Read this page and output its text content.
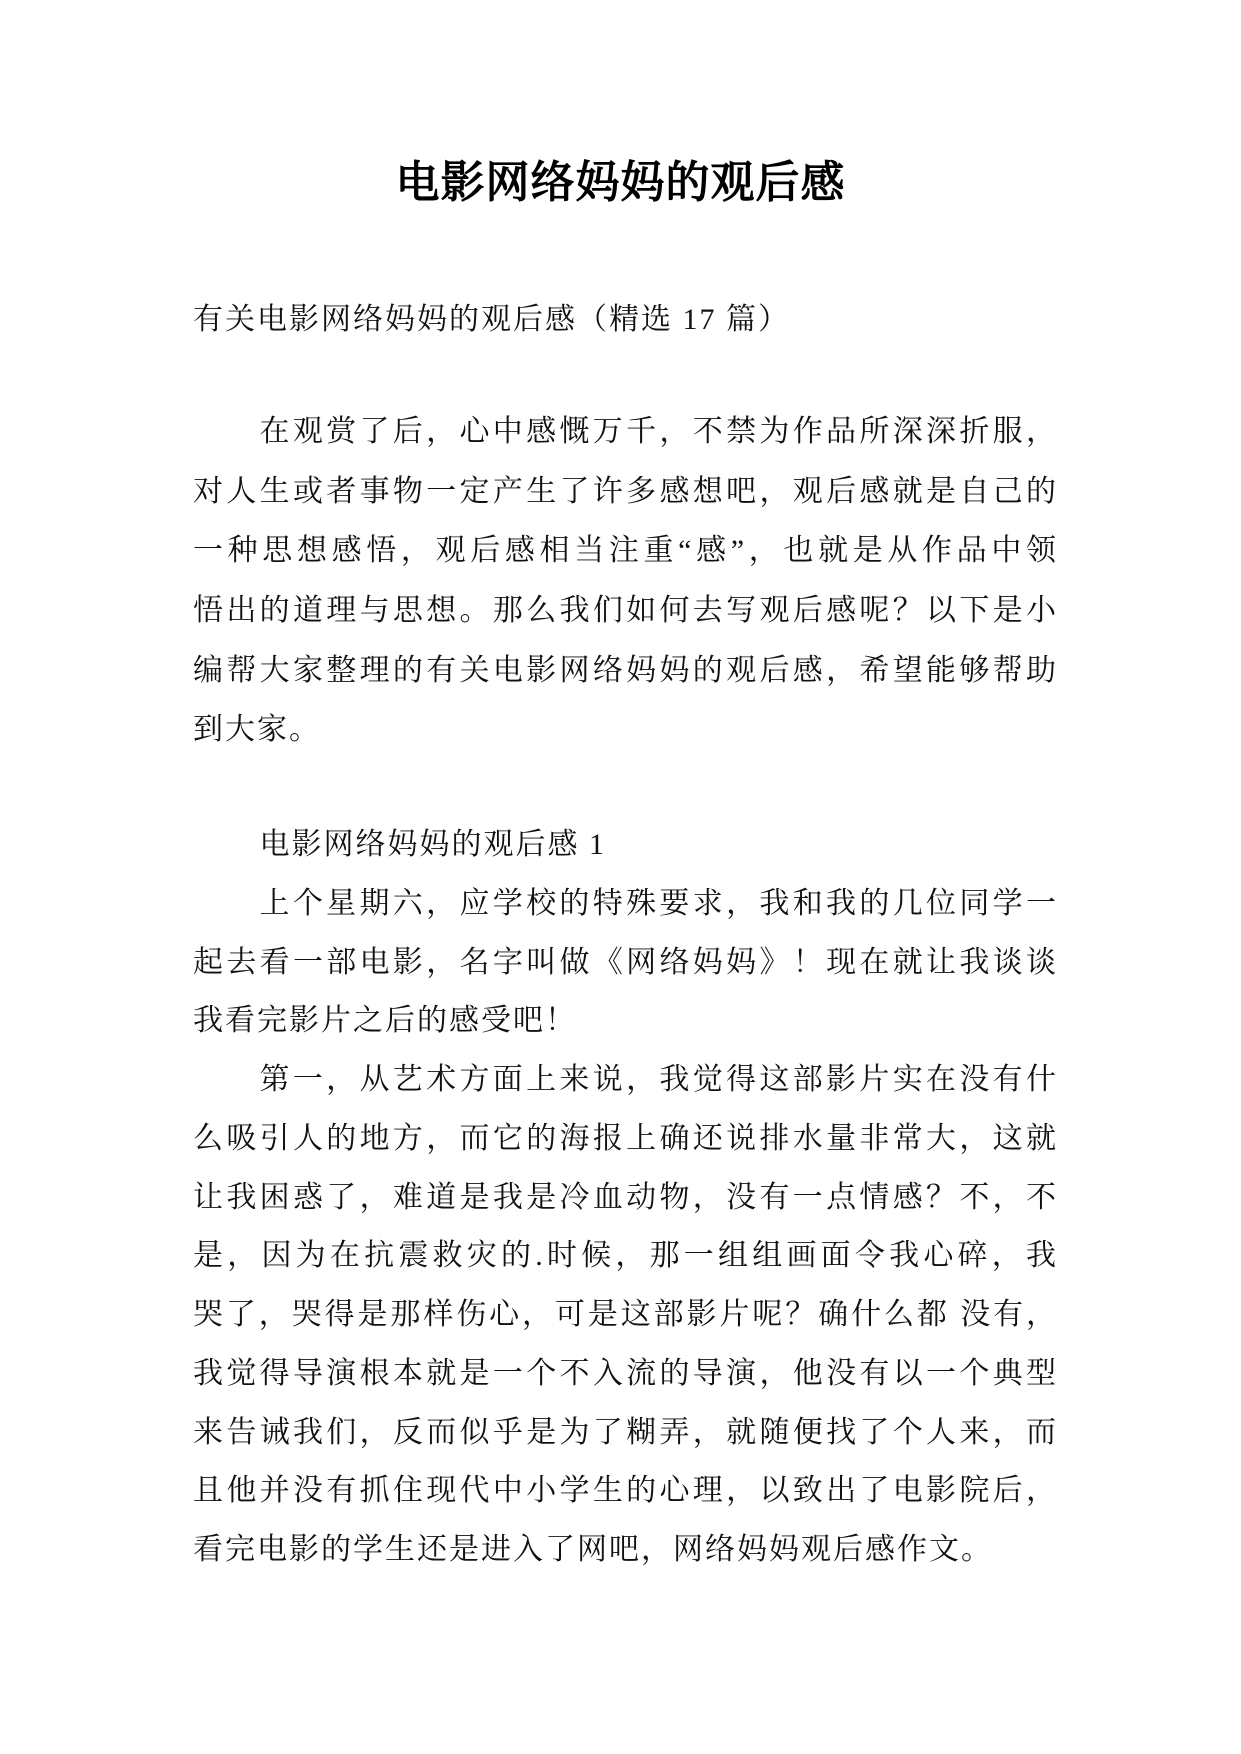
电影网络妈妈的观后感
有关电影网络妈妈的观后感（精选 17 篇）
在观赏了后，心中感慨万千，不禁为作品所深深折服，
对人生或者事物一定产生了许多感想吧，观后感就是自己的
一种思想感悟，观后感相当注重“感”，也就是从作品中领
悟出的道理与思想。那么我们如何去写观后感呢？以下是小
编帮大家整理的有关电影网络妈妈的观后感，希望能够帮助
到大家。
电影网络妈妈的观后感 1
上个星期六，应学校的特殊要求，我和我的几位同学一
起去看一部电影，名字叫做《网络妈妈》！现在就让我谈谈
我看完影片之后的感受吧！
第一，从艺术方面上来说，我觉得这部影片实在没有什
么吸引人的地方，而它的海报上确还说排水量非常大，这就
让我困惑了，难道是我是冷血动物，没有一点情感？不，不
是，因为在抗震救灾的.时候，那一组组画面令我心碎，我
哭了，哭得是那样伤心，可是这部影片呢？确什么都 没有，
我觉得导演根本就是一个不入流的导演，他没有以一个典型
来告诫我们，反而似乎是为了糊弄，就随便找了个人来，而
且他并没有抓住现代中小学生的心理，以致出了电影院后，
看完电影的学生还是进入了网吧，网络妈妈观后感作文。
